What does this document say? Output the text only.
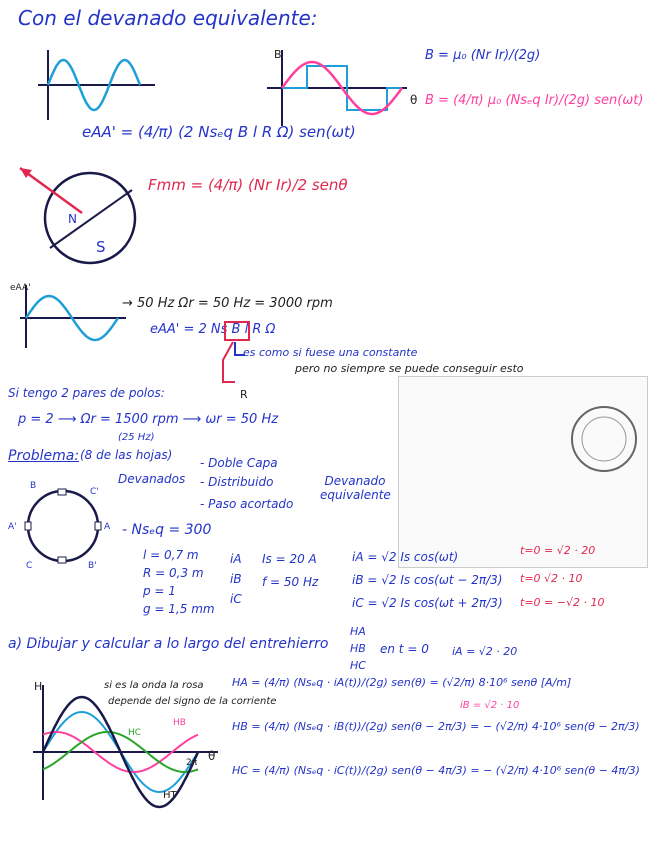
Con el devanado equivalente:
B
θ
B = μ₀ (Nr Ir)/(2g)
B = (4/π) μ₀ (Nsₑq Ir)/(2g) sen(ωt)
eAA' = (4/π) (2 Nsₑq B l R Ω) sen(ωt)
N
S
Fmm = (4/π) (Nr Ir)/2 senθ
eAA'
→ 50 Hz Ωr = 50 Hz = 3000 rpm
eAA' = 2 Ns B l R Ω
R
es como si fuese una constante
pero no siempre se puede conseguir esto
Si tengo 2 pares de polos:
p = 2 ⟶ Ωr = 1500 rpm ⟶ ωr = 50 Hz
(25 Hz)
Problema: (8 de las hojas)
Devanados
- Doble Capa
- Distribuido
- Paso acortado
Devanado equivalente
B
C'
A'	A
C	B'
- Nsₑq = 300
l = 0,7 m
R = 0,3 m
p = 1
g = 1,5 mm
iA
iB
iC
Is = 20 A
f = 50 Hz
iA = √2 Is cos(ωt)
iB = √2 Is cos(ωt − 2π/3)
iC = √2 Is cos(ωt + 2π/3)
t=0 = √2 · 20
t=0 √2 · 10
t=0 = −√2 · 10
a) Dibujar y calcular a lo largo del entrehierro
HA
HB
HC
en t = 0 iA = √2 · 20
iB = √2 · 10
H
HB
HC
HT
2π θ
si es la onda la rosa
depende del signo de la corriente
HA = (4/π) (Nsₑq · iA(t))/(2g) sen(θ) = (√2/π) 8·10⁶ senθ [A/m]
HB = (4/π) (Nsₑq · iB(t))/(2g) sen(θ − 2π/3) = − (√2/π) 4·10⁶ sen(θ − 2π/3)
HC = (4/π) (Nsₑq · iC(t))/(2g) sen(θ − 4π/3) = − (√2/π) 4·10⁶ sen(θ − 4π/3)
